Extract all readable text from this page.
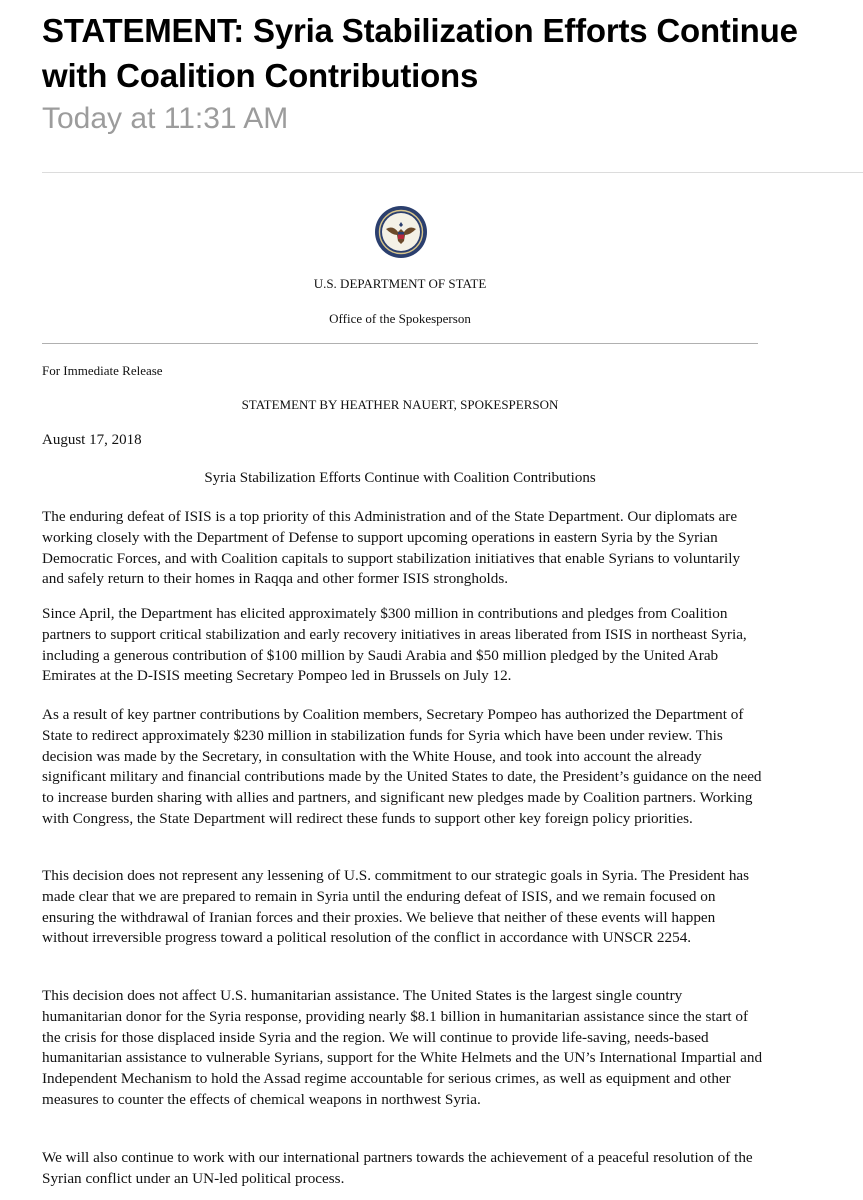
STATEMENT: Syria Stabilization Efforts Continue with Coalition Contributions
Today at 11:31 AM
U.S. DEPARTMENT OF STATE
Office of the Spokesperson
For Immediate Release
STATEMENT BY HEATHER NAUERT, SPOKESPERSON
August 17, 2018
Syria Stabilization Efforts Continue with Coalition Contributions

The enduring defeat of ISIS is a top priority of this Administration and of the State Department. Our diplomats are working closely with the Department of Defense to support upcoming operations in eastern Syria by the Syrian Democratic Forces, and with Coalition capitals to support stabilization initiatives that enable Syrians to voluntarily and safely return to their homes in Raqqa and other former ISIS strongholds.

Since April, the Department has elicited approximately $300 million in contributions and pledges from Coalition partners to support critical stabilization and early recovery initiatives in areas liberated from ISIS in northeast Syria, including a generous contribution of $100 million by Saudi Arabia and $50 million pledged by the United Arab Emirates at the D-ISIS meeting Secretary Pompeo led in Brussels on July 12.

As a result of key partner contributions by Coalition members, Secretary Pompeo has authorized the Department of State to redirect approximately $230 million in stabilization funds for Syria which have been under review. This decision was made by the Secretary, in consultation with the White House, and took into account the already significant military and financial contributions made by the United States to date, the President’s guidance on the need to increase burden sharing with allies and partners, and significant new pledges made by Coalition partners. Working with Congress, the State Department will redirect these funds to support other key foreign policy priorities.

This decision does not represent any lessening of U.S. commitment to our strategic goals in Syria. The President has made clear that we are prepared to remain in Syria until the enduring defeat of ISIS, and we remain focused on ensuring the withdrawal of Iranian forces and their proxies. We believe that neither of these events will happen without irreversible progress toward a political resolution of the conflict in accordance with UNSCR 2254.

This decision does not affect U.S. humanitarian assistance. The United States is the largest single country humanitarian donor for the Syria response, providing nearly $8.1 billion in humanitarian assistance since the start of the crisis for those displaced inside Syria and the region. We will continue to provide life-saving, needs-based humanitarian assistance to vulnerable Syrians, support for the White Helmets and the UN’s International Impartial and Independent Mechanism to hold the Assad regime accountable for serious crimes, as well as equipment and other measures to counter the effects of chemical weapons in northwest Syria.

We will also continue to work with our international partners towards the achievement of a peaceful resolution of the Syrian conflict under an UN-led political process.
